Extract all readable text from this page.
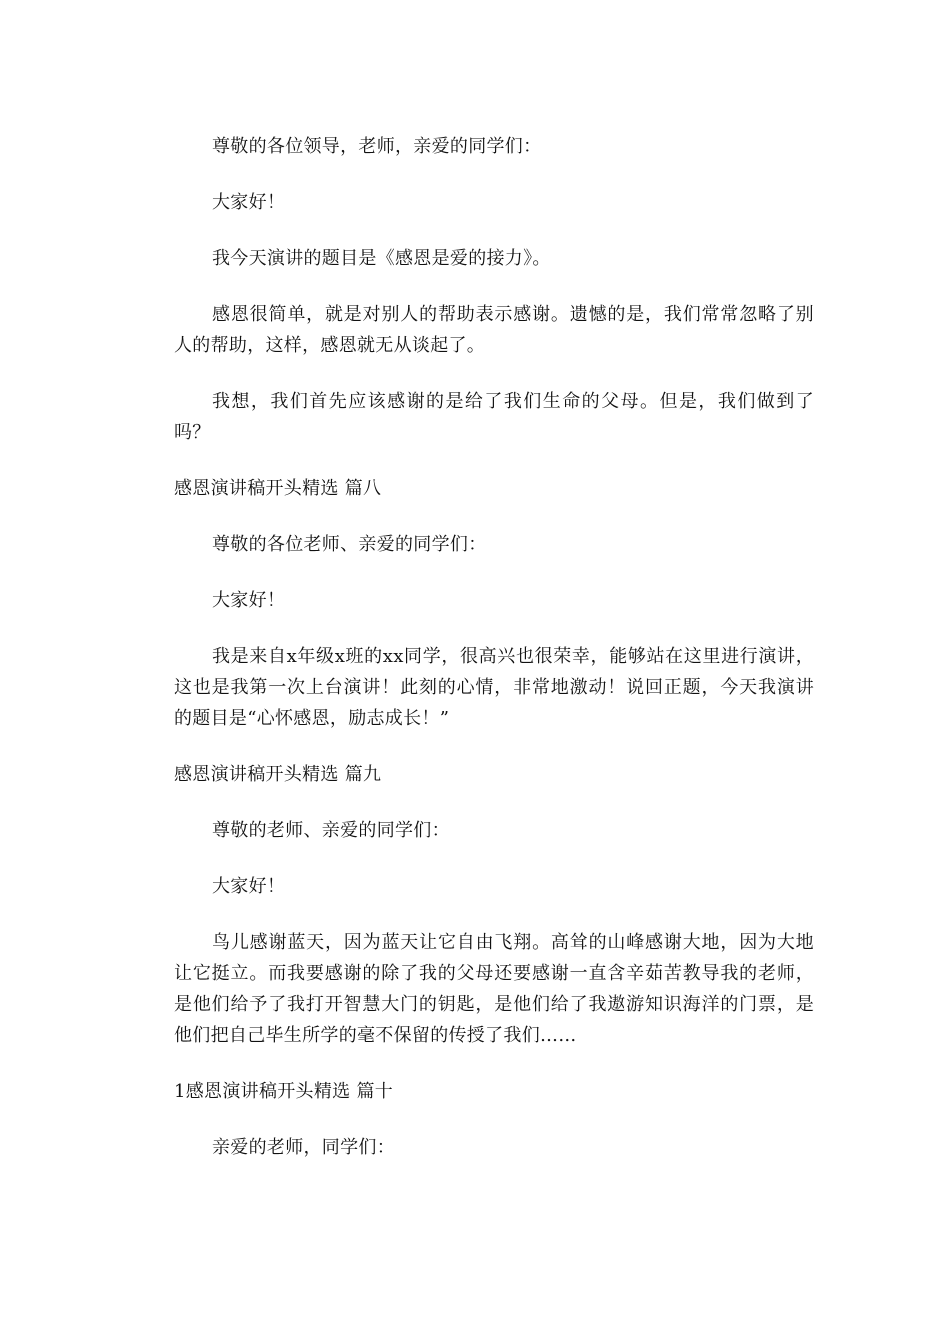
尊敬的各位领导，老师，亲爱的同学们：

大家好！

我今天演讲的题目是《感恩是爱的接力》。

感恩很简单，就是对别人的帮助表示感谢。遗憾的是，我们常常忽略了别人的帮助，这样，感恩就无从谈起了。

我想，我们首先应该感谢的是给了我们生命的父母。但是，我们做到了吗？

感恩演讲稿开头精选 篇八

尊敬的各位老师、亲爱的同学们：

大家好！

我是来自x年级x班的xx同学，很高兴也很荣幸，能够站在这里进行演讲，这也是我第一次上台演讲！此刻的心情，非常地激动！说回正题，今天我演讲的题目是“心怀感恩，励志成长！”

感恩演讲稿开头精选 篇九

尊敬的老师、亲爱的同学们：

大家好！

鸟儿感谢蓝天，因为蓝天让它自由飞翔。高耸的山峰感谢大地，因为大地让它挺立。而我要感谢的除了我的父母还要感谢一直含辛茹苦教导我的老师，是他们给予了我打开智慧大门的钥匙，是他们给了我遨游知识海洋的门票，是他们把自己毕生所学的毫不保留的传授了我们……

1感恩演讲稿开头精选 篇十

亲爱的老师，同学们：
